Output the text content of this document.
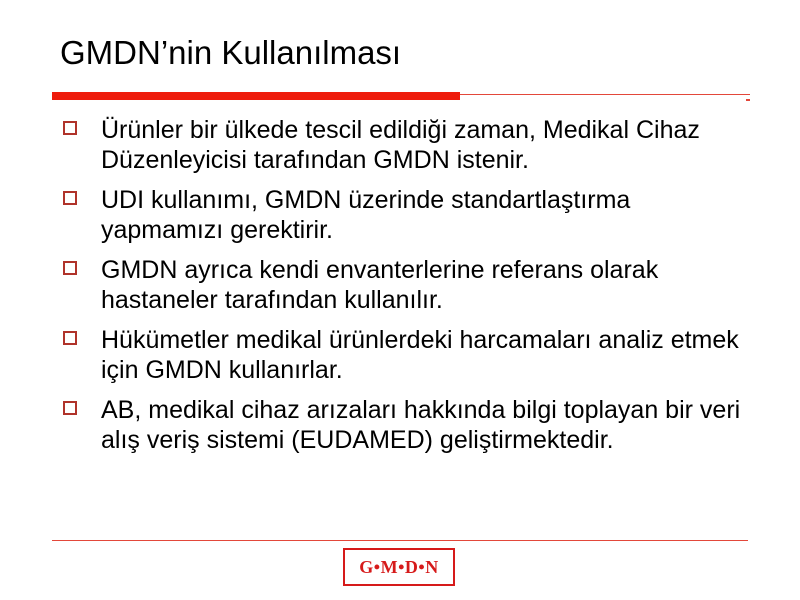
GMDN’nin Kullanılması
Ürünler bir ülkede tescil edildiği zaman, Medikal Cihaz Düzenleyicisi tarafından GMDN istenir.
UDI kullanımı, GMDN üzerinde standartlaştırma yapmamızı gerektirir.
GMDN ayrıca kendi envanterlerine referans olarak hastaneler tarafından kullanılır.
Hükümetler medikal ürünlerdeki harcamaları analiz etmek için GMDN kullanırlar.
AB, medikal cihaz arızaları hakkında bilgi toplayan bir veri alış veriş sistemi (EUDAMED) geliştirmektedir.
G•M•D•N
